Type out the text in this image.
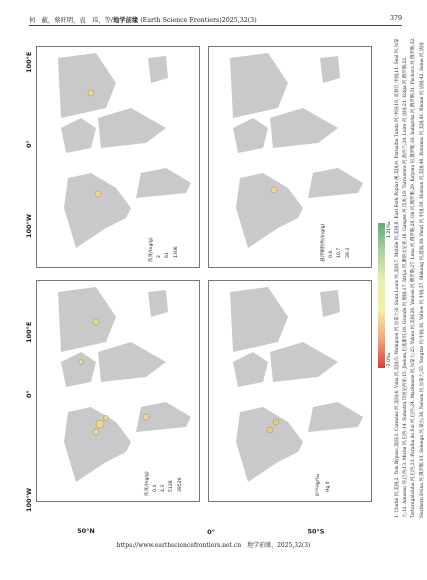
何　蔽，蔡旺明，袁　玮，等/地学前缘 (Earth Science Frontiers)2025,32(3)	379
100°W
0°
100°E
100°W
0°
100°E
50°N	0°	50°S
浓度/(ng/g) 0.4 4.3 5128 39526
浓度/(ng/g) 2 61 1306
δ²⁰²Hg/‰ Hg δ
悬浮颗粒物/(ng/g) 0.6 10.7 39.3
-3.0‰
1.21‰ 1. Clarke 河,美国;2. Yolo Bypass,美国;3. Carmans 河,美国;4. Yuba 河,美国;5. Wabigoon 河,加拿大;6. Saint Louis 河,美国;7. Mobile 河,美国;8. East Fork Poplar 溪,美国;9. Parnaíba Tunda 河,中国;10. 富春江,中国;11. Seal 河,加拿大;12. Amazon 河,巴西;13. Mirim 河,巴西;14. Sumatra,印度尼西亚;15. Jhelum,巴基斯坦;16. Grande 河,德国;17. Idrija 河,斯洛文尼亚;18. Ganges 河,印度;19. Tarrawera 河,新西兰;20. Loire 河,法国;21. Volga 河,俄罗斯;22. Tartarugalzinho 河,巴西;23. Paraíba do Sul 河,巴西;24. Mackenzie 河,加拿大;25. Yukon 河,美国;26. Yenisei 河,俄罗斯;27. Lena 河,俄罗斯;28. Ob 河,俄罗斯;29. Kolyma 河,俄罗斯;30. Indigirka 河,俄罗斯;31. Pechora 河,俄罗斯;32. Northern Dvina 河,俄罗斯;33. Selenga 河,蒙古;34. Nelson 河,加拿大;35. Yangtze 河,中国;36. Yellow 河,中国;37. Mekong 河,越南;38. Pearl 河,中国;39. Hudson 河,美国;40. Potomac 河,美国;41. Rhone 河,法国;42. Seine 河,法国
https://www.earthsciencefrontiers.net.cn　地学前缘，2025,32(3)
